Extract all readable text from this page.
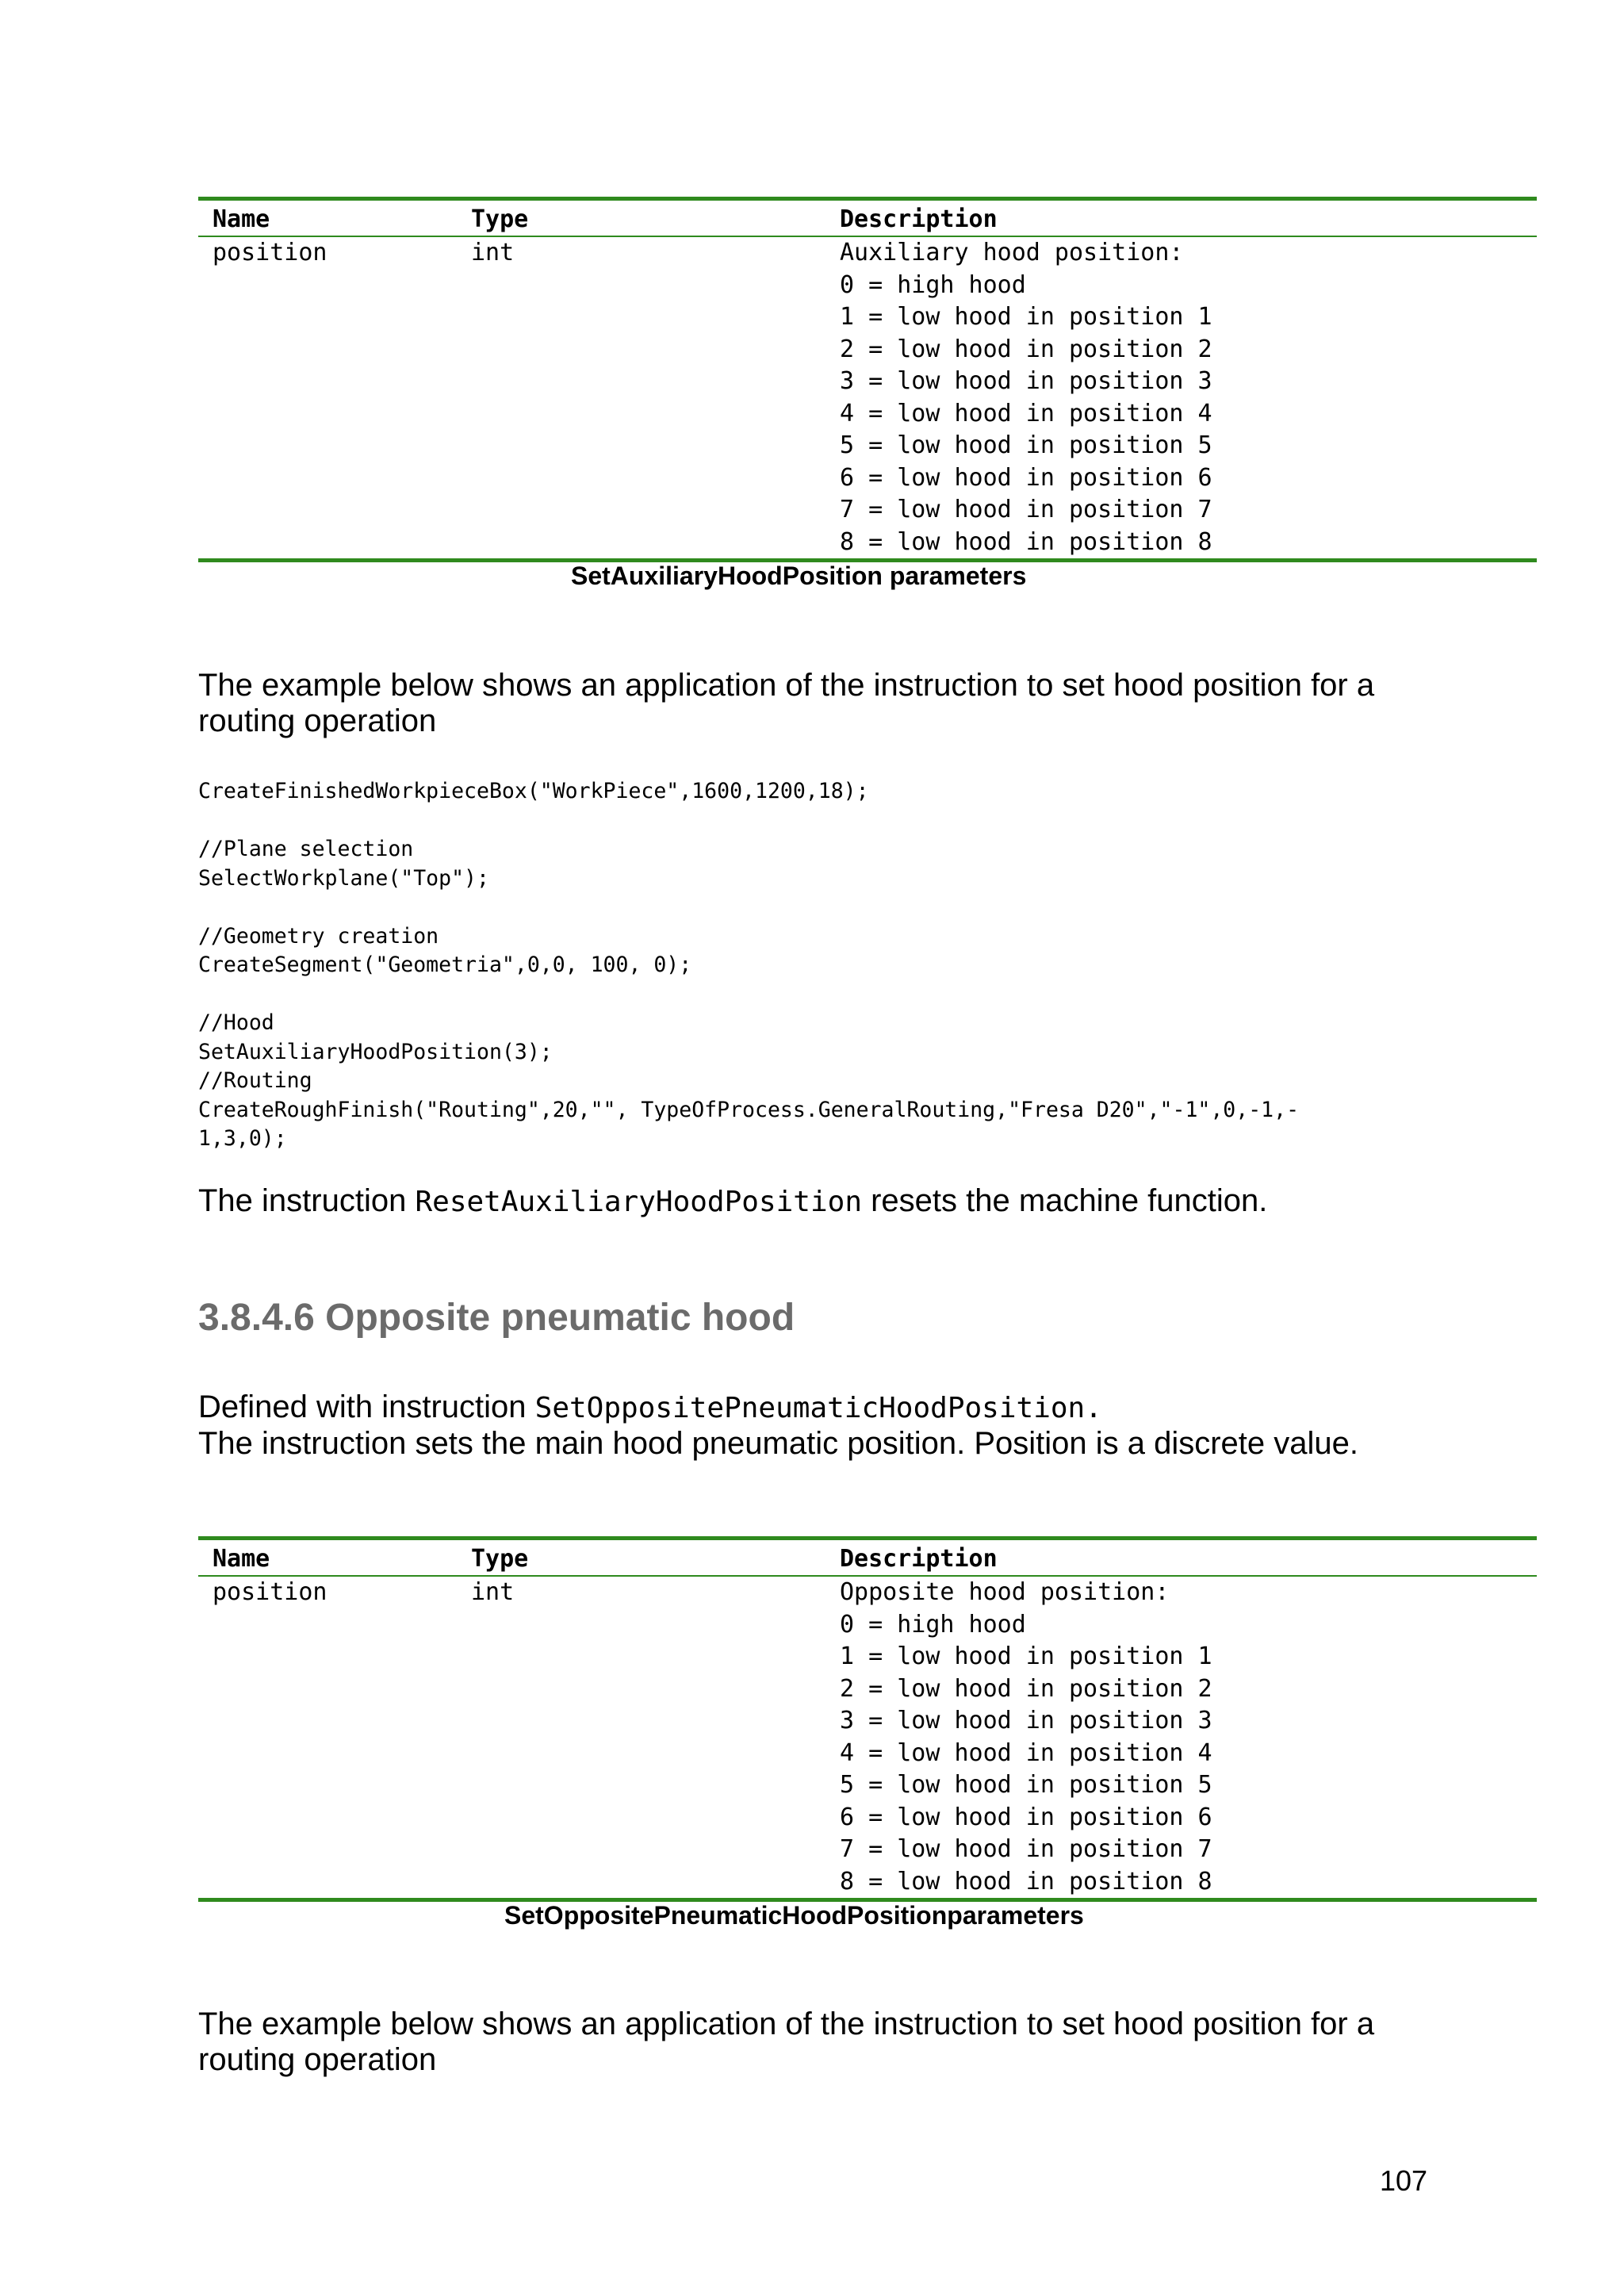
Name	Type	Description
position	int	Auxiliary hood position:
0 = high hood
1 = low hood in position 1
2 = low hood in position 2
3 = low hood in position 3
4 = low hood in position 4
5 = low hood in position 5
6 = low hood in position 6
7 = low hood in position 7
8 = low hood in position 8
SetAuxiliaryHoodPosition parameters
The example below shows an application of the instruction to set hood position for a
routing operation
CreateFinishedWorkpieceBox("WorkPiece",1600,1200,18);

//Plane selection
SelectWorkplane("Top");

//Geometry creation
CreateSegment("Geometria",0,0, 100, 0);

//Hood
SetAuxiliaryHoodPosition(3);
//Routing
CreateRoughFinish("Routing",20,"", TypeOfProcess.GeneralRouting,"Fresa D20","-1",0,-1,-
1,3,0);
The instruction ResetAuxiliaryHoodPosition resets the machine function.
3.8.4.6 Opposite pneumatic hood
Defined with instruction SetOppositePneumaticHoodPosition.
The instruction sets the main hood pneumatic position. Position is a discrete value.
Name	Type	Description
position	int	Opposite hood position:
0 = high hood
1 = low hood in position 1
2 = low hood in position 2
3 = low hood in position 3
4 = low hood in position 4
5 = low hood in position 5
6 = low hood in position 6
7 = low hood in position 7
8 = low hood in position 8
SetOppositePneumaticHoodPositionparameters
The example below shows an application of the instruction to set hood position for a
routing operation
107
